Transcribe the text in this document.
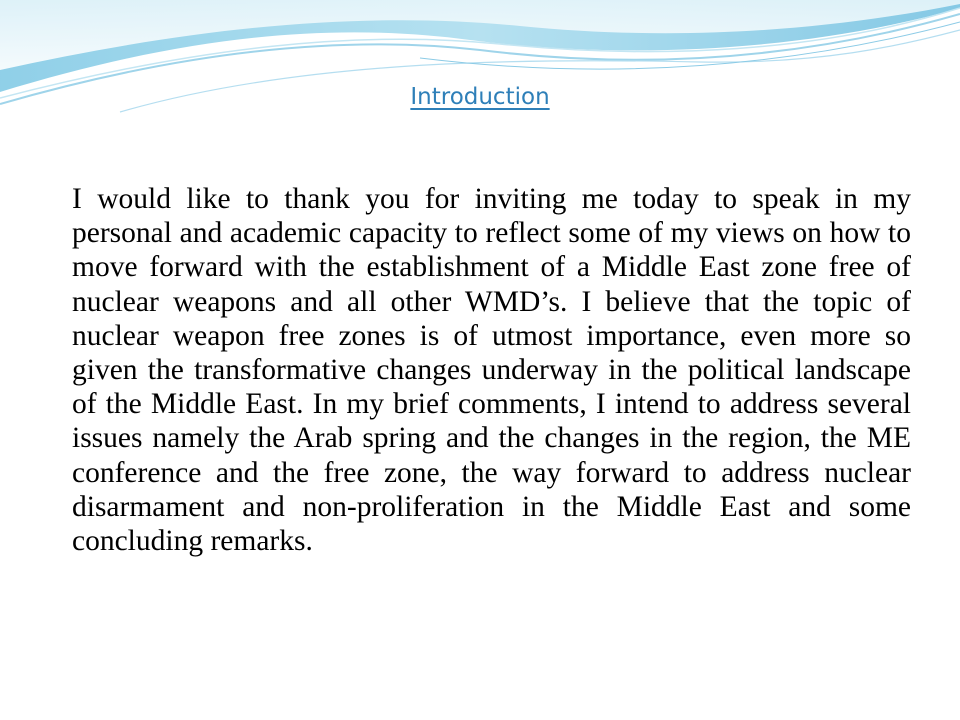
Introduction

I would like to thank you for inviting me today to speak in my personal and academic capacity to reflect some of my views on how to move forward with the establishment of a Middle East zone free of nuclear weapons and all other WMD’s. I believe that the topic of nuclear weapon free zones is of utmost importance, even more so given the transformative changes underway in the political landscape of the Middle East. In my brief comments, I intend to address several issues namely the Arab spring and the changes in the region, the ME conference and the free zone, the way forward to address nuclear disarmament and non-proliferation in the Middle East and some concluding remarks.
